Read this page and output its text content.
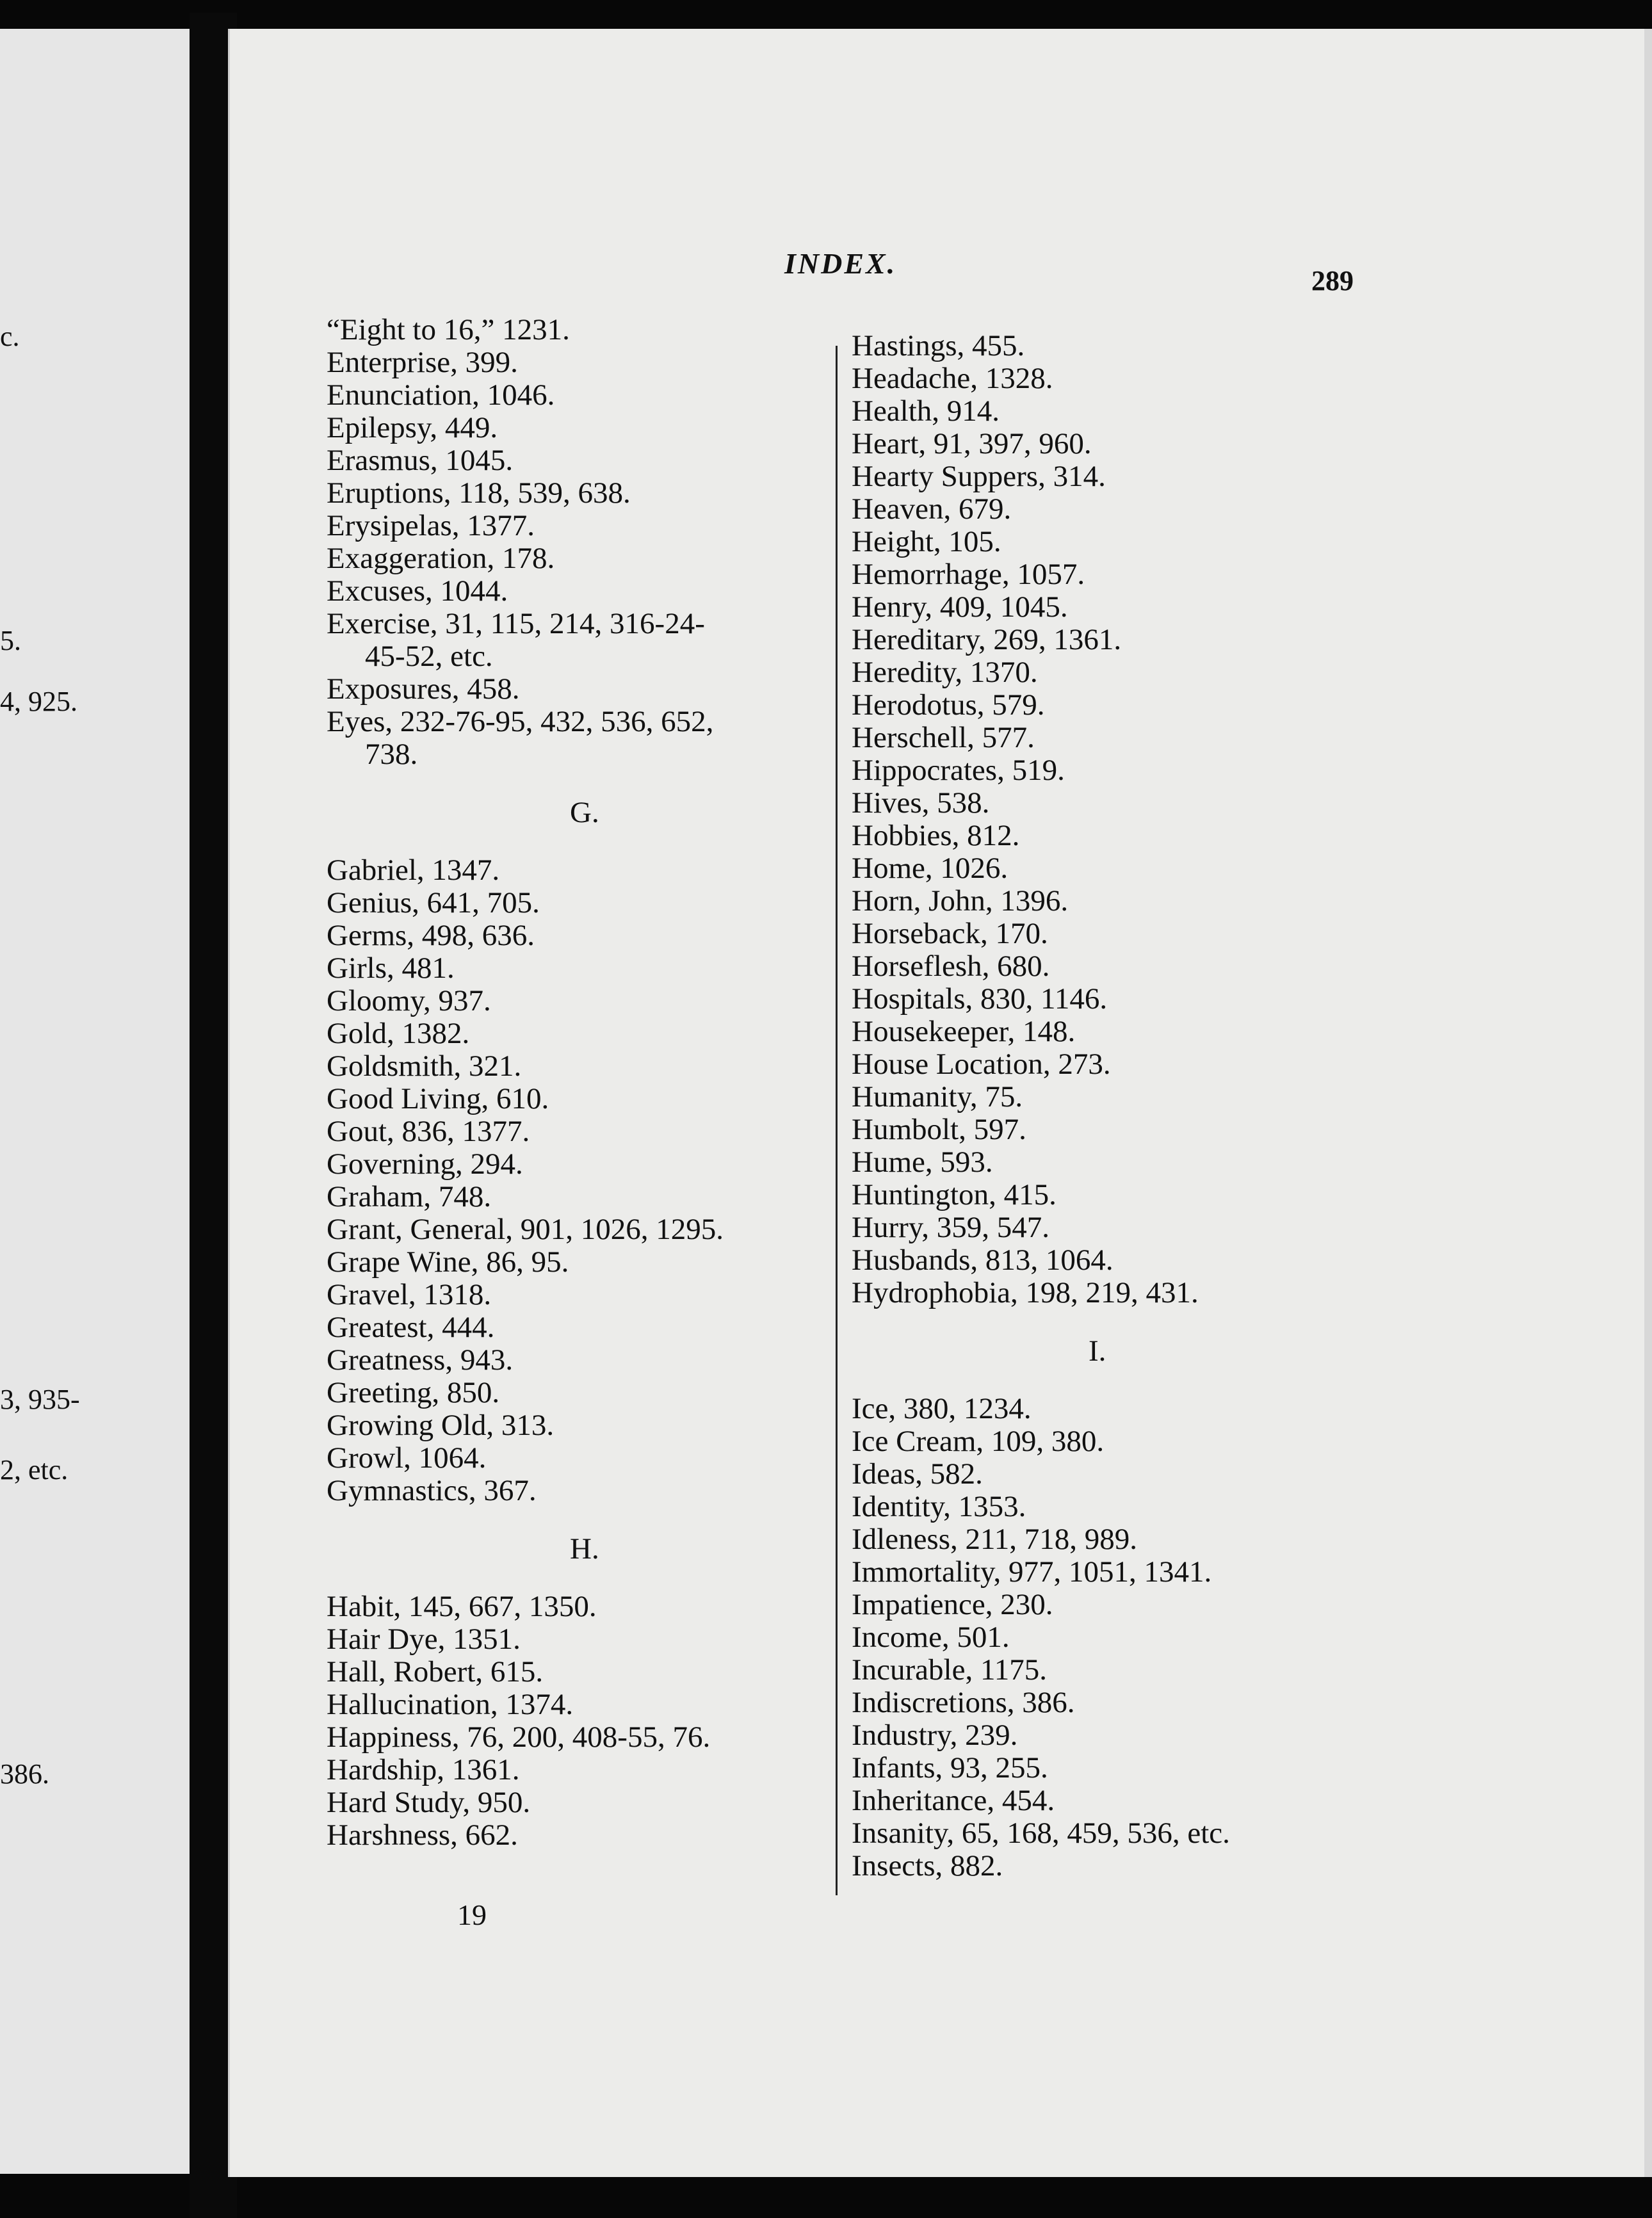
c.
5.
4, 925.
3, 935-
2, etc.
386.
INDEX.
289
“Eight to 16,” 1231.
Enterprise, 399.
Enunciation, 1046.
Epilepsy, 449.
Erasmus, 1045.
Eruptions, 118, 539, 638.
Erysipelas, 1377.
Exaggeration, 178.
Excuses, 1044.
Exercise, 31, 115, 214, 316-24-
45-52, etc.
Exposures, 458.
Eyes, 232-76-95, 432, 536, 652,
738.
G.
Gabriel, 1347.
Genius, 641, 705.
Germs, 498, 636.
Girls, 481.
Gloomy, 937.
Gold, 1382.
Goldsmith, 321.
Good Living, 610.
Gout, 836, 1377.
Governing, 294.
Graham, 748.
Grant, General, 901, 1026, 1295.
Grape Wine, 86, 95.
Gravel, 1318.
Greatest, 444.
Greatness, 943.
Greeting, 850.
Growing Old, 313.
Growl, 1064.
Gymnastics, 367.
H.
Habit, 145, 667, 1350.
Hair Dye, 1351.
Hall, Robert, 615.
Hallucination, 1374.
Happiness, 76, 200, 408-55, 76.
Hardship, 1361.
Hard Study, 950.
Harshness, 662.
Hastings, 455.
Headache, 1328.
Health, 914.
Heart, 91, 397, 960.
Hearty Suppers, 314.
Heaven, 679.
Height, 105.
Hemorrhage, 1057.
Henry, 409, 1045.
Hereditary, 269, 1361.
Heredity, 1370.
Herodotus, 579.
Herschell, 577.
Hippocrates, 519.
Hives, 538.
Hobbies, 812.
Home, 1026.
Horn, John, 1396.
Horseback, 170.
Horseflesh, 680.
Hospitals, 830, 1146.
Housekeeper, 148.
House Location, 273.
Humanity, 75.
Humbolt, 597.
Hume, 593.
Huntington, 415.
Hurry, 359, 547.
Husbands, 813, 1064.
Hydrophobia, 198, 219, 431.
I.
Ice, 380, 1234.
Ice Cream, 109, 380.
Ideas, 582.
Identity, 1353.
Idleness, 211, 718, 989.
Immortality, 977, 1051, 1341.
Impatience, 230.
Income, 501.
Incurable, 1175.
Indiscretions, 386.
Industry, 239.
Infants, 93, 255.
Inheritance, 454.
Insanity, 65, 168, 459, 536, etc.
Insects, 882.
19
